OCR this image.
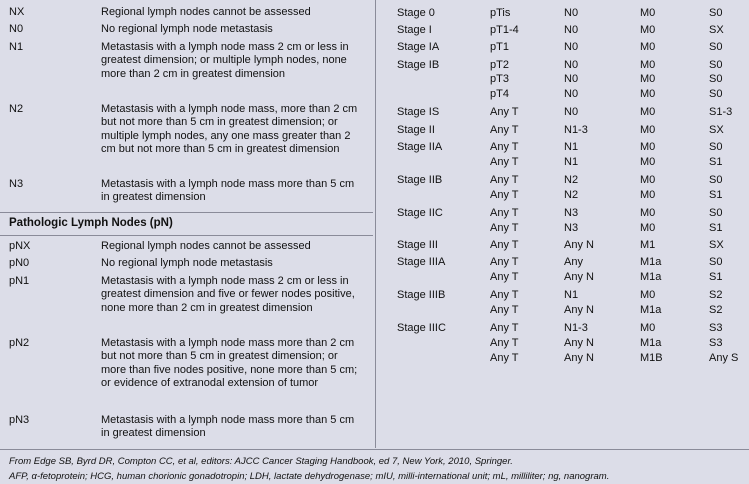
NX	Regional lymph nodes cannot be assessed
N0	No regional lymph node metastasis
N1	Metastasis with a lymph node mass 2 cm or less in greatest dimension; or multiple lymph nodes, none more than 2 cm in greatest dimension
N2	Metastasis with a lymph node mass, more than 2 cm but not more than 5 cm in greatest dimension; or multiple lymph nodes, any one mass greater than 2 cm but not more than 5 cm in greatest dimension
N3	Metastasis with a lymph node mass more than 5 cm in greatest dimension
Pathologic Lymph Nodes (pN)
pNX	Regional lymph nodes cannot be assessed
pN0	No regional lymph node metastasis
pN1	Metastasis with a lymph node mass 2 cm or less in greatest dimension and five or fewer nodes positive, none more than 2 cm in greatest dimension
pN2	Metastasis with a lymph node mass more than 2 cm but not more than 5 cm in greatest dimension; or more than five nodes positive, none more than 5 cm; or evidence of extranodal extension of tumor
pN3	Metastasis with a lymph node mass more than 5 cm in greatest dimension
Stage 0	pTis	N0	M0	S0
Stage I	pT1-4	N0	M0	SX
Stage IA	pT1	N0	M0	S0
Stage IB	pT2	N0	M0	S0
pT3	N0	M0	S0
pT4	N0	M0	S0
Stage IS	Any T	N0	M0	S1-3
Stage II	Any T	N1-3	M0	SX
Stage IIA	Any T	N1	M0	S0
Any T	N1	M0	S1
Stage IIB	Any T	N2	M0	S0
Any T	N2	M0	S1
Stage IIC	Any T	N3	M0	S0
Any T	N3	M0	S1
Stage III	Any T	Any N	M1	SX
Stage IIIA	Any T	Any	M1a	S0
Any T	Any N	M1a	S1
Stage IIIB	Any T	N1	M0	S2
Any T	Any N	M1a	S2
Stage IIIC	Any T	N1-3	M0	S3
Any T	Any N	M1a	S3
Any T	Any N	M1B	Any S
From Edge SB, Byrd DR, Compton CC, et al, editors: AJCC Cancer Staging Handbook, ed 7, New York, 2010, Springer.
AFP, α-fetoprotein; HCG, human chorionic gonadotropin; LDH, lactate dehydrogenase; mIU, milli-international unit; mL, milliliter; ng, nanogram.
